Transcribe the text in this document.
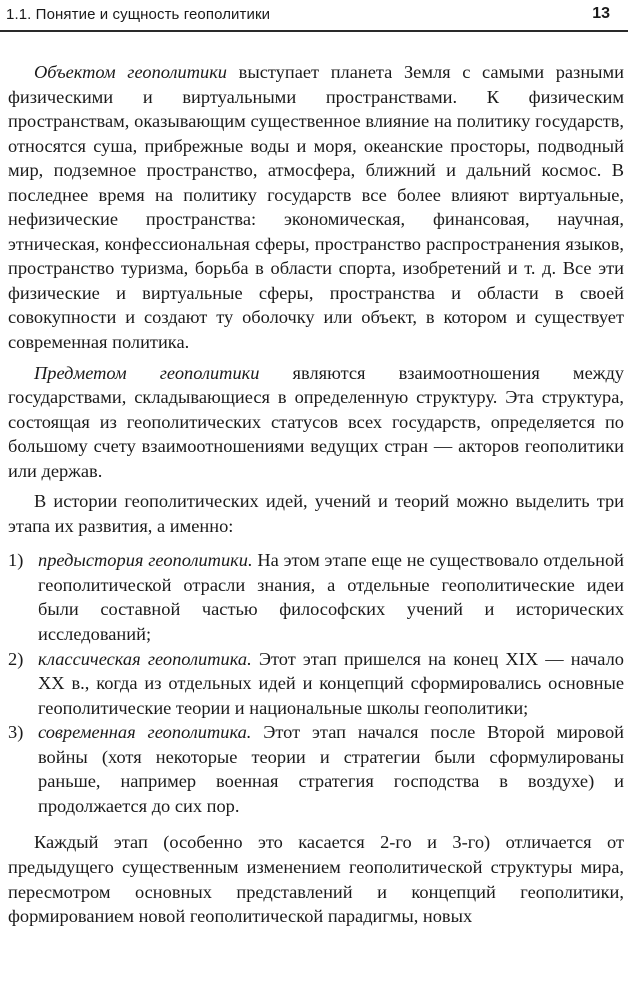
1.1. Понятие и сущность геополитики	13

Объектом геополитики выступает планета Земля с самыми разными физическими и виртуальными пространствами. К физическим пространствам, оказывающим существенное влияние на политику государств, относятся суша, прибрежные воды и моря, океанские просторы, подводный мир, подземное пространство, атмосфера, ближний и дальний космос. В последнее время на политику государств все более влияют виртуальные, нефизические пространства: экономическая, финансовая, научная, этническая, конфессиональная сферы, пространство распространения языков, пространство туризма, борьба в области спорта, изобретений и т. д. Все эти физические и виртуальные сферы, пространства и области в своей совокупности и создают ту оболочку или объект, в котором и существует современная политика.

Предметом геополитики являются взаимоотношения между государствами, складывающиеся в определенную структуру. Эта структура, состоящая из геополитических статусов всех государств, определяется по большому счету взаимоотношениями ведущих стран — акторов геополитики или держав.

В истории геополитических идей, учений и теорий можно выделить три этапа их развития, а именно:

1) предыстория геополитики. На этом этапе еще не существовало отдельной геополитической отрасли знания, а отдельные геополитические идеи были составной частью философских учений и исторических исследований;
2) классическая геополитика. Этот этап пришелся на конец XIX — начало XX в., когда из отдельных идей и концепций сформировались основные геополитические теории и национальные школы геополитики;
3) современная геополитика. Этот этап начался после Второй мировой войны (хотя некоторые теории и стратегии были сформулированы раньше, например военная стратегия господства в воздухе) и продолжается до сих пор.

Каждый этап (особенно это касается 2-го и 3-го) отличается от предыдущего существенным изменением геополитической структуры мира, пересмотром основных представлений и концепций геополитики, формированием новой геополитической парадигмы, новых
